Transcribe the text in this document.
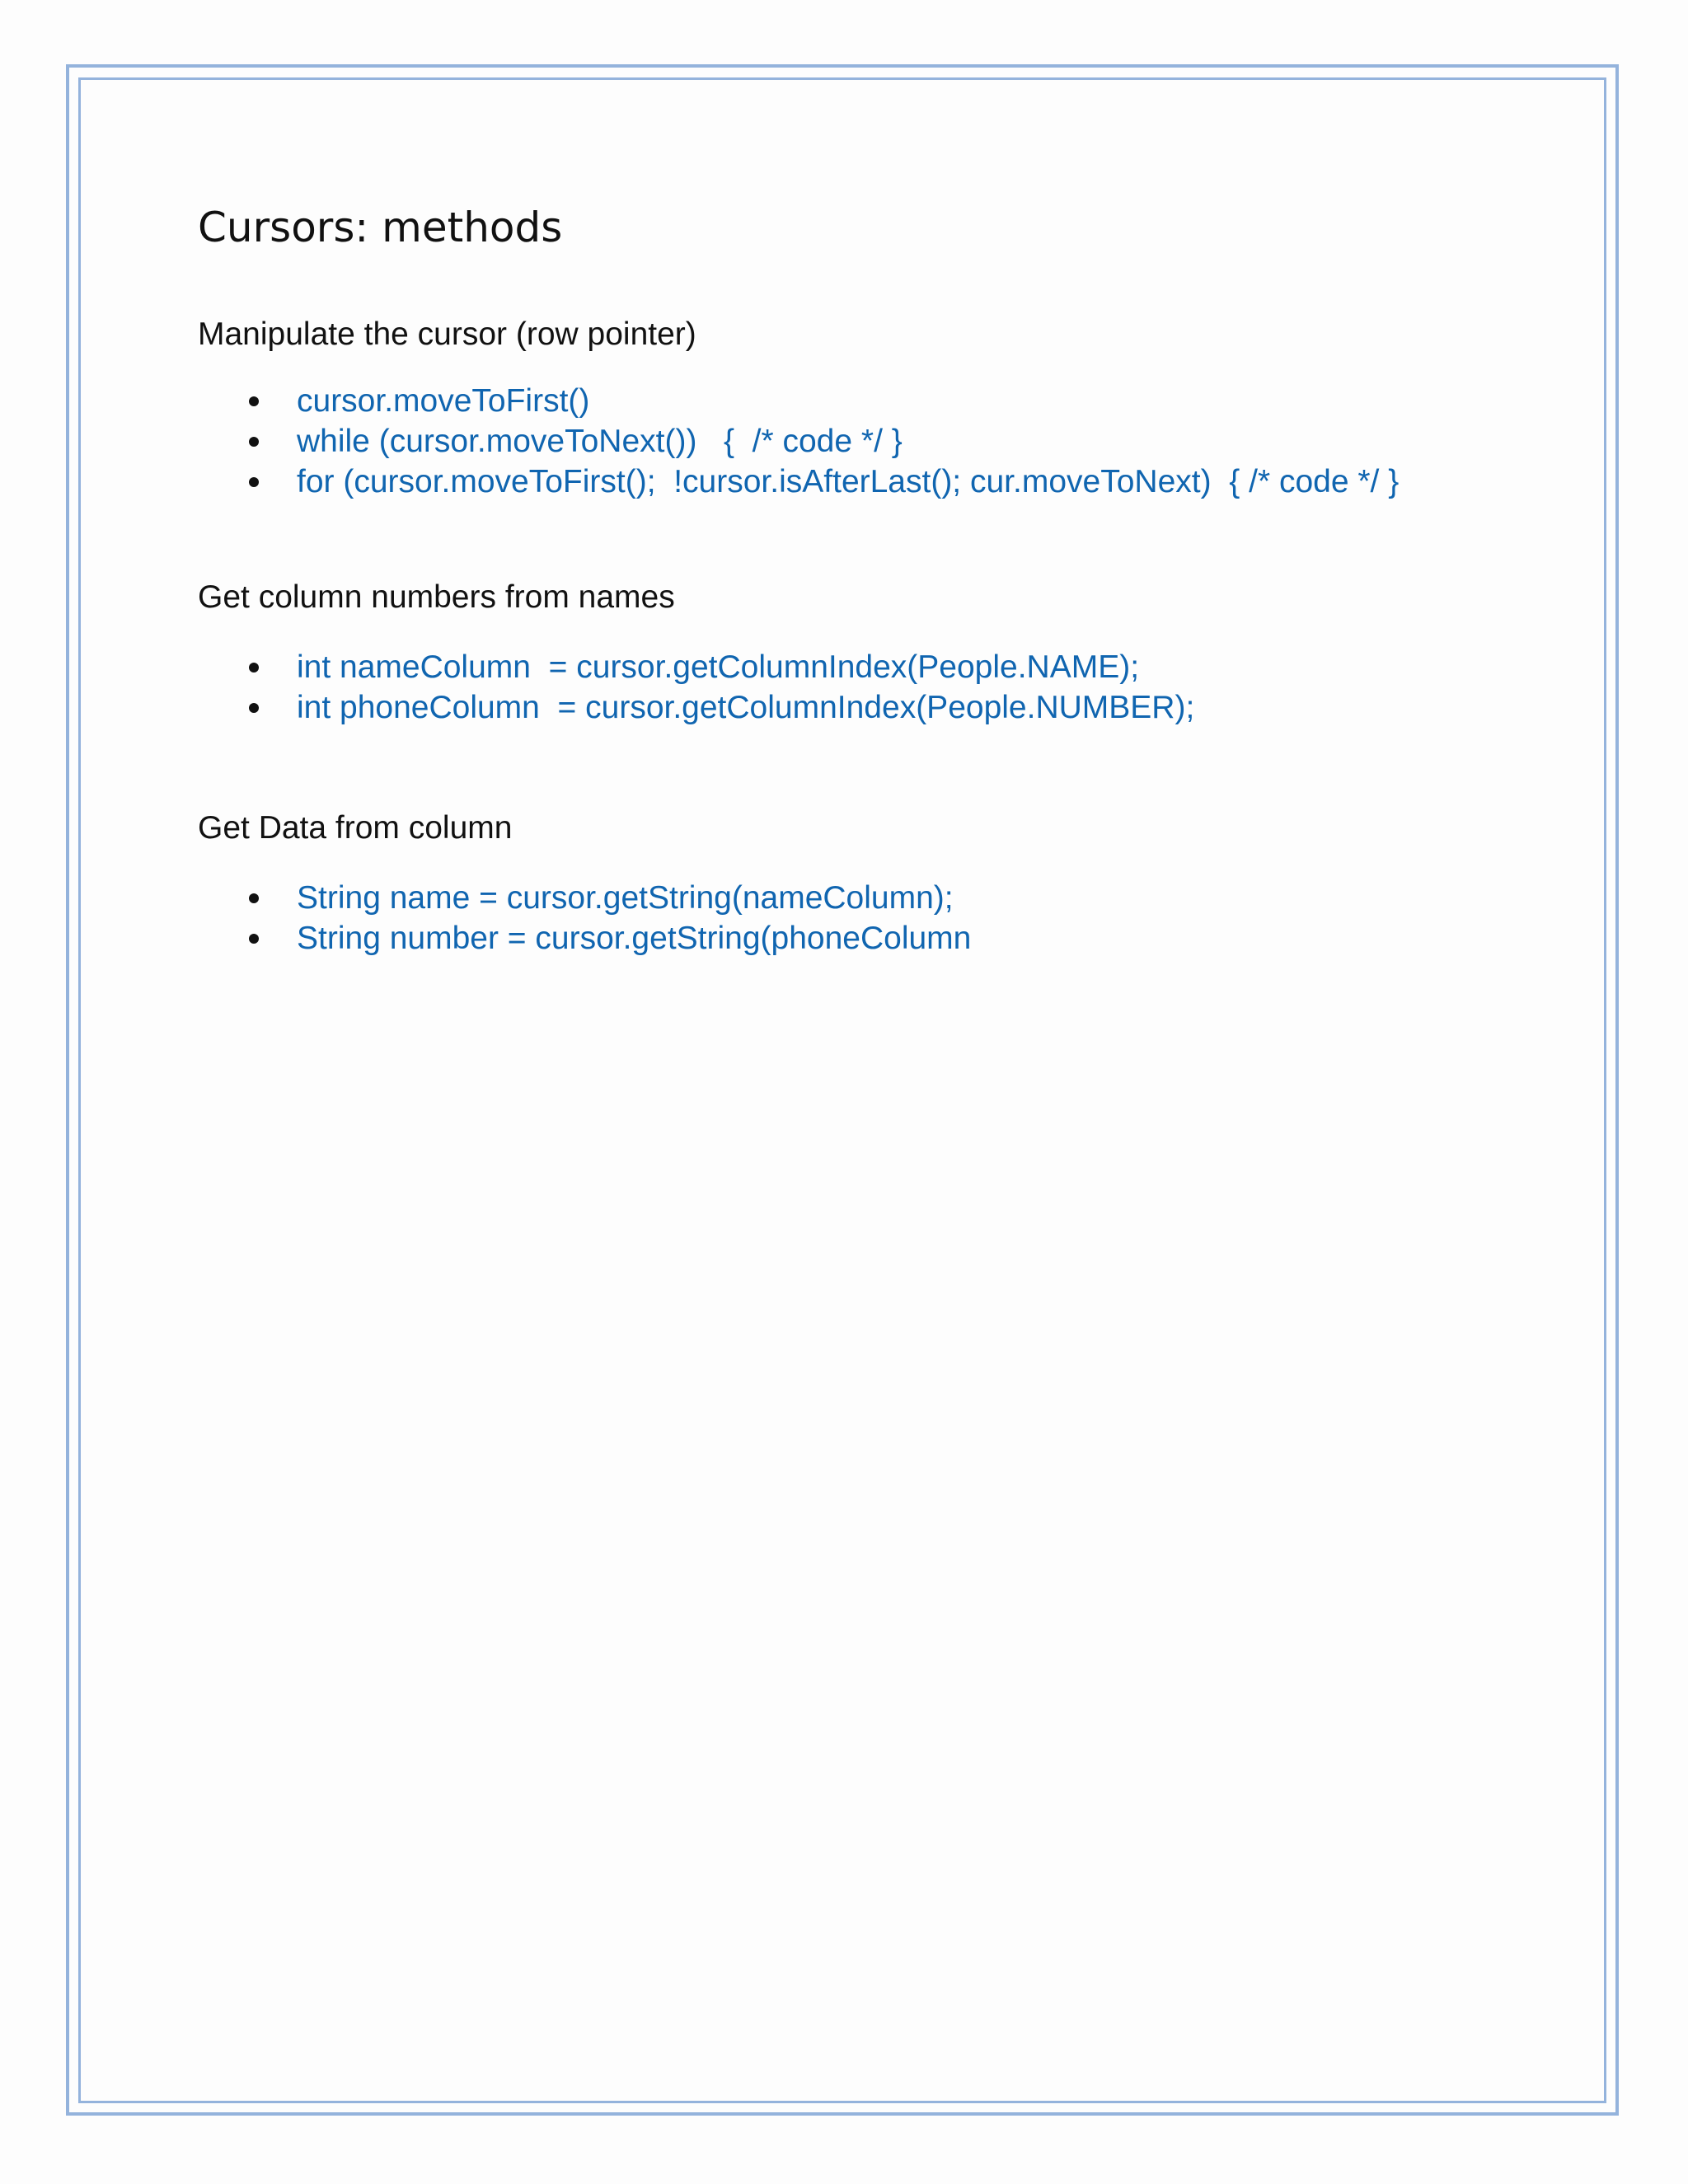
Cursors: methods
Manipulate the cursor (row pointer)
cursor.moveToFirst()
while (cursor.moveToNext())   {  /* code */ }
for (cursor.moveToFirst();  !cursor.isAfterLast(); cur.moveToNext)  { /* code */ }
Get column numbers from names
int nameColumn  = cursor.getColumnIndex(People.NAME);
int phoneColumn  = cursor.getColumnIndex(People.NUMBER);
Get Data from column
String name = cursor.getString(nameColumn);
String number = cursor.getString(phoneColumn
